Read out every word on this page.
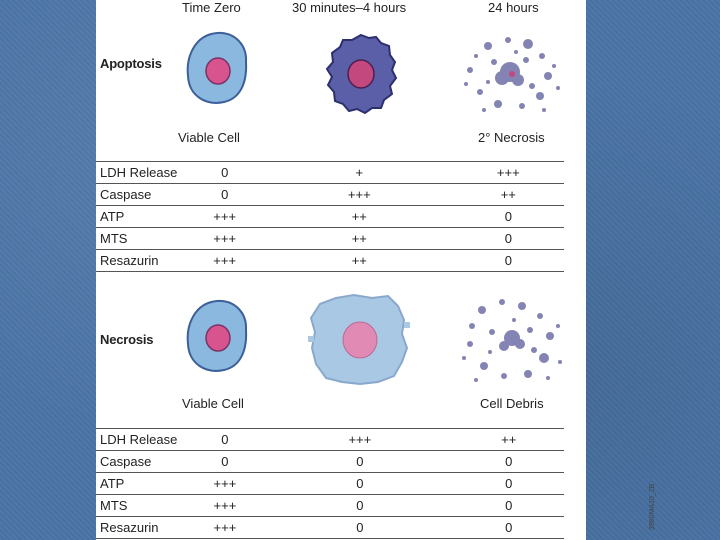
Time Zero	30 minutes–4 hours	24 hours
Apoptosis
Viable Cell	2° Necrosis
LDH Release	0	+	+++
Caspase	0	+++	++
ATP	+++	++	0
MTS	+++	++	0
Resazurin	+++	++	0
Necrosis
Viable Cell	Cell Debris
LDH Release	0	+++	++
Caspase	0	0	0
ATP	+++	0	0
MTS	+++	0	0
Resazurin	+++	0	0	3960MA10_2B
